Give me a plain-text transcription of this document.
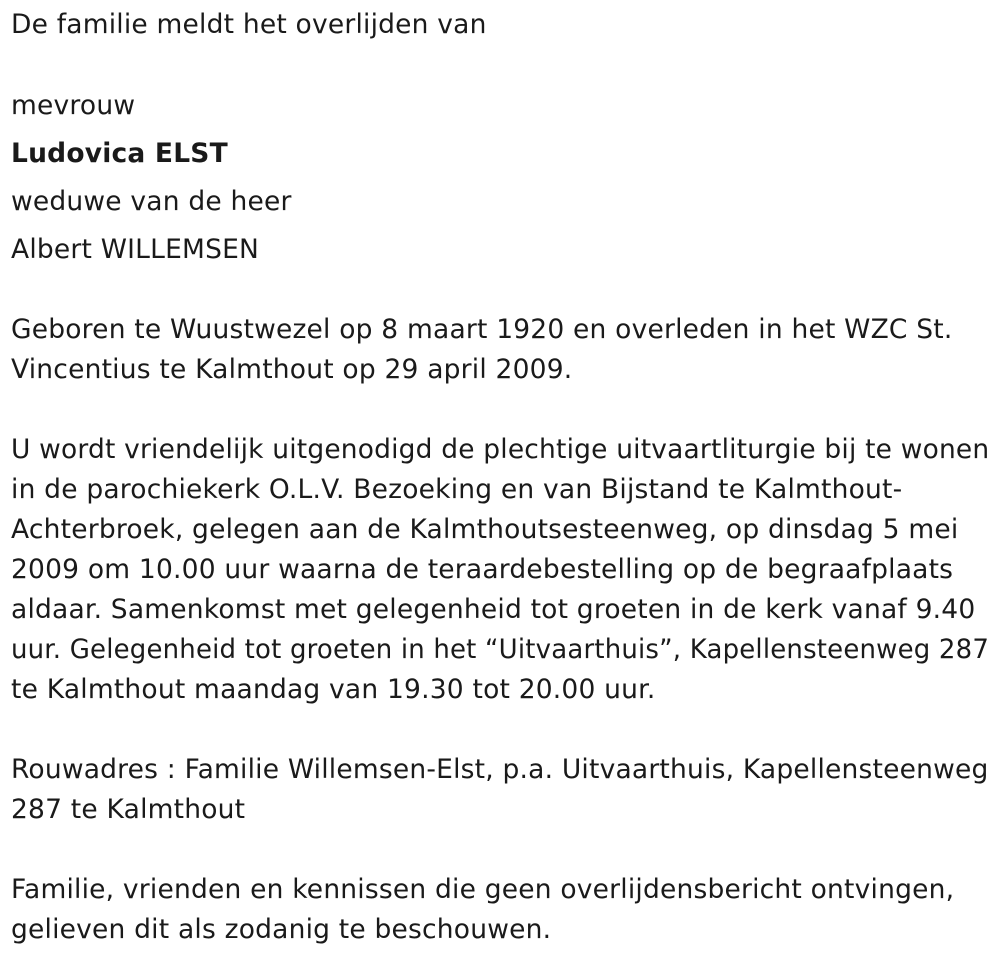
De familie meldt het overlijden van
mevrouw
Ludovica ELST
weduwe van de heer
Albert WILLEMSEN
Geboren te Wuustwezel op 8 maart 1920 en overleden in het WZC St.
Vincentius te Kalmthout op 29 april 2009.
U wordt vriendelijk uitgenodigd de plechtige uitvaartliturgie bij te wonen
in de parochiekerk O.L.V. Bezoeking en van Bijstand te Kalmthout-
Achterbroek, gelegen aan de Kalmthoutsesteenweg, op dinsdag 5 mei
2009 om 10.00 uur waarna de teraardebestelling op de begraafplaats
aldaar. Samenkomst met gelegenheid tot groeten in de kerk vanaf 9.40
uur. Gelegenheid tot groeten in het “Uitvaarthuis”, Kapellensteenweg 287
te Kalmthout maandag van 19.30 tot 20.00 uur.
Rouwadres : Familie Willemsen-Elst, p.a. Uitvaarthuis, Kapellensteenweg
287 te Kalmthout
Familie, vrienden en kennissen die geen overlijdensbericht ontvingen,
gelieven dit als zodanig te beschouwen.
